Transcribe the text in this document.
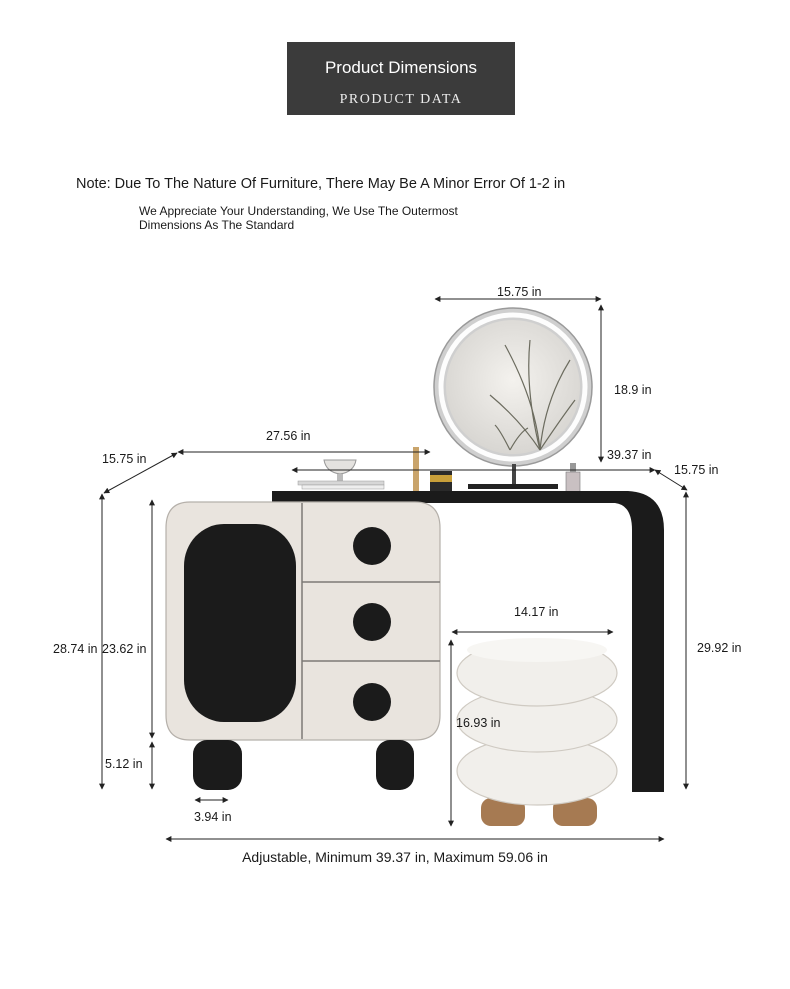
Product Dimensions
PRODUCT DATA
Note: Due To The Nature Of Furniture, There May Be A Minor Error Of 1-2 in
We Appreciate Your Understanding, We Use The Outermost
Dimensions As The Standard
15.75 in
18.9 in
27.56 in
15.75 in	39.37 in
15.75 in
28.74 in 23.62 in
5.12 in
3.94 in
14.17 in
16.93 in
29.92 in
Adjustable, Minimum 39.37 in, Maximum 59.06 in
